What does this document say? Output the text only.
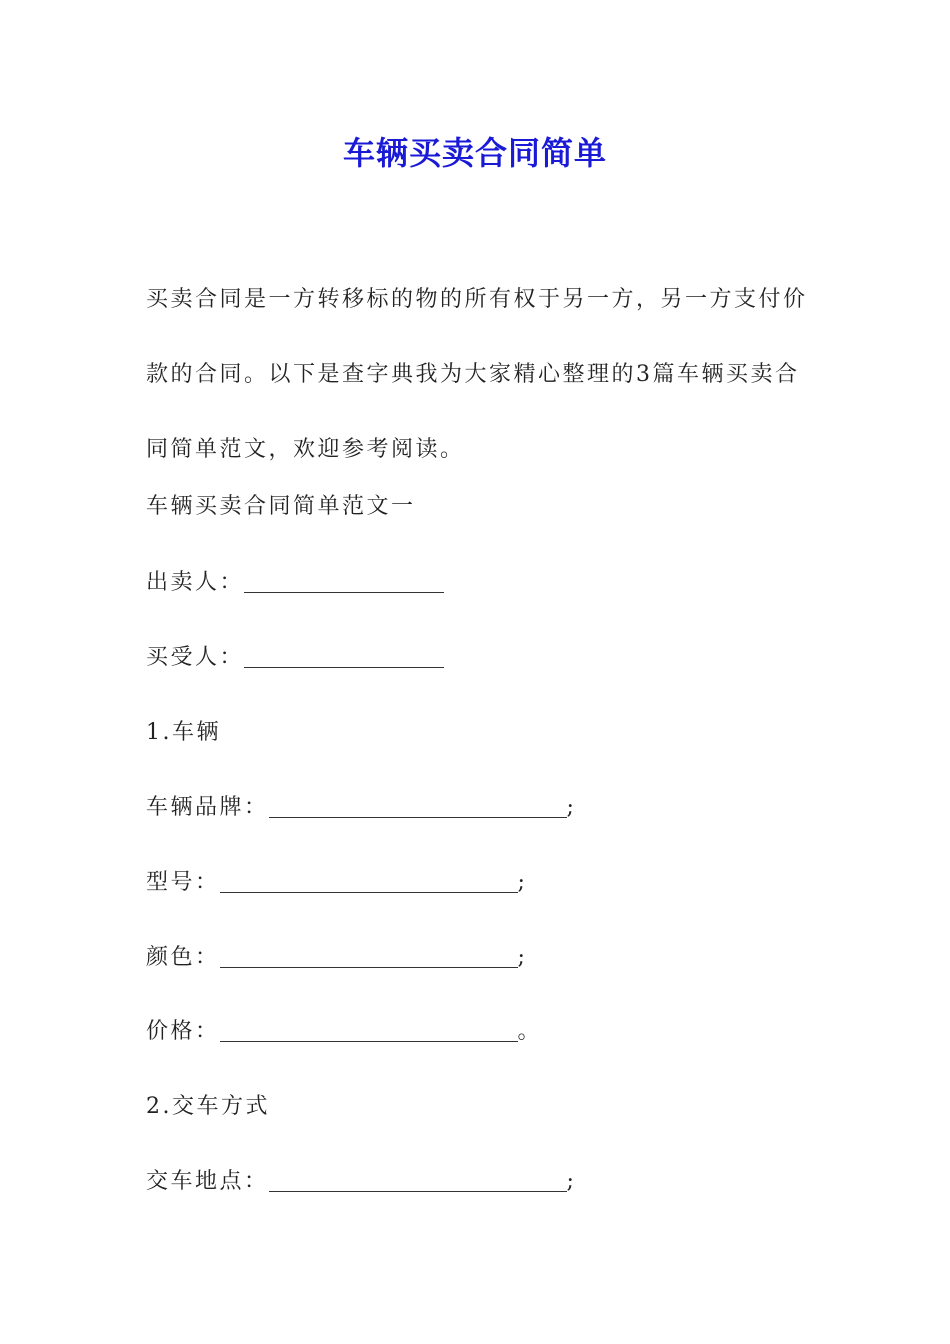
车辆买卖合同简单

买卖合同是一方转移标的物的所有权于另一方，另一方支付价款的合同。以下是查字典我为大家精心整理的3篇车辆买卖合同简单范文，欢迎参考阅读。

车辆买卖合同简单范文一

出卖人：

买受人：

1.车辆

车辆品牌：	;

型号：	;

颜色：	;

价格：	。

2.交车方式

交车地点：	;
